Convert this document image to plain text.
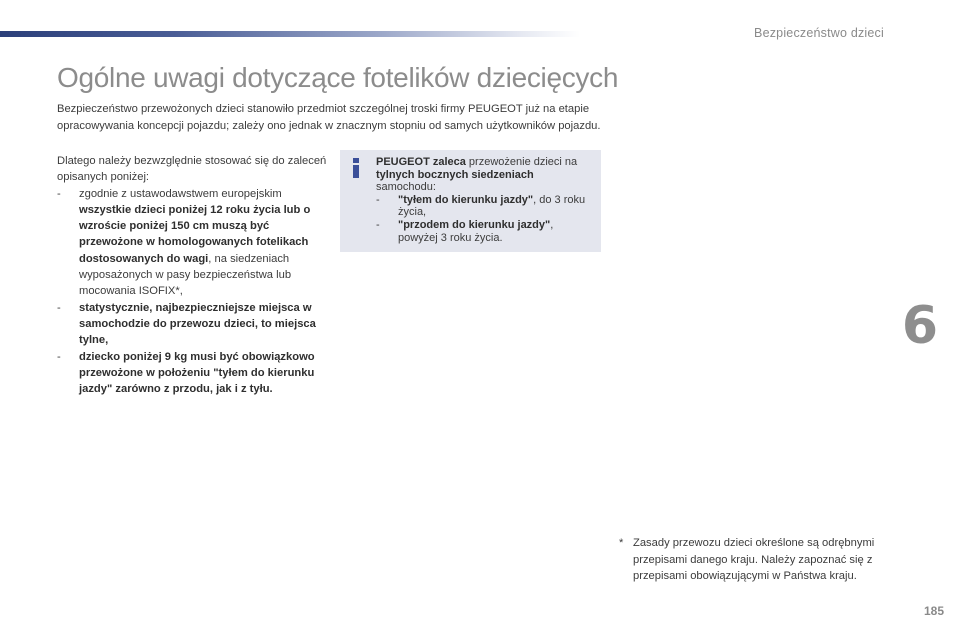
Bezpieczeństwo dzieci
Ogólne uwagi dotyczące fotelików dziecięcych

Bezpieczeństwo przewożonych dzieci stanowiło przedmiot szczególnej troski firmy PEUGEOT już na etapie opracowywania koncepcji pojazdu; zależy ono jednak w znacznym stopniu od samych użytkowników pojazdu.

Dlatego należy bezwzględnie stosować się do zaleceń opisanych poniżej:

- zgodnie z ustawodawstwem europejskim wszystkie dzieci poniżej 12 roku życia lub o wzroście poniżej 150 cm muszą być przewożone w homologowanych fotelikach dostosowanych do wagi, na siedzeniach wyposażonych w pasy bezpieczeństwa lub mocowania ISOFIX*,
- statystycznie, najbezpieczniejsze miejsca w samochodzie do przewozu dzieci, to miejsca tylne,
- dziecko poniżej 9 kg musi być obowiązkowo przewożone w położeniu "tyłem do kierunku jazdy" zarówno z przodu, jak i z tyłu.
PEUGEOT zaleca przewożenie dzieci na tylnych bocznych siedzeniach samochodu:
- "tyłem do kierunku jazdy", do 3 roku życia,
- "przodem do kierunku jazdy", powyżej 3 roku życia.
6
* Zasady przewozu dzieci określone są odrębnymi przepisami danego kraju. Należy zapoznać się z przepisami obowiązującymi w Państwa kraju.
185
